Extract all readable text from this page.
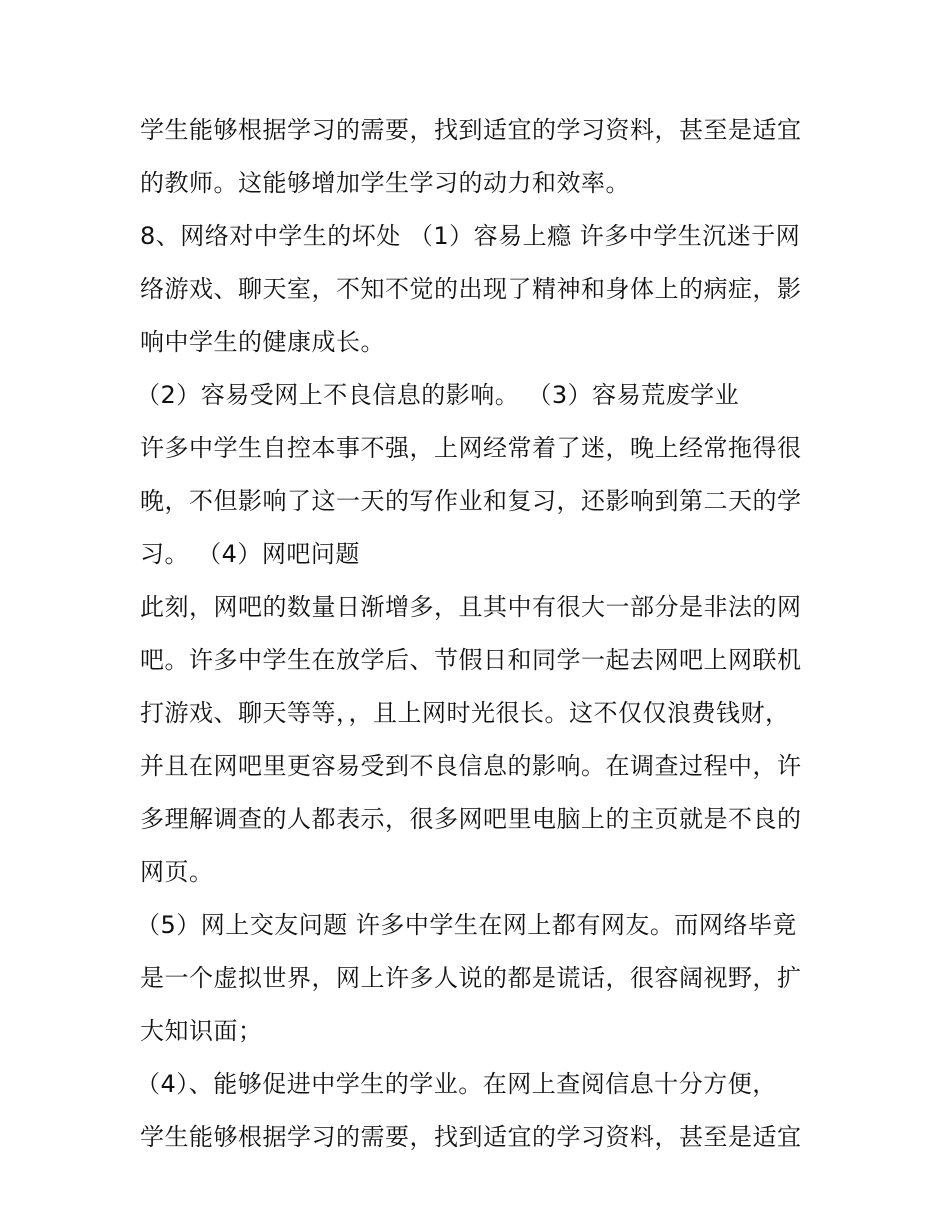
学生能够根据学习的需要，找到适宜的学习资料，甚至是适宜
的教师。这能够增加学生学习的动力和效率。
8、网络对中学生的坏处 （1）容易上瘾 许多中学生沉迷于网
络游戏、聊天室，不知不觉的出现了精神和身体上的病症，影
响中学生的健康成长。
（2）容易受网上不良信息的影响。 （3）容易荒废学业
许多中学生自控本事不强，上网经常着了迷，晚上经常拖得很
晚，不但影响了这一天的写作业和复习，还影响到第二天的学
习。 （4）网吧问题
此刻，网吧的数量日渐增多，且其中有很大一部分是非法的网
吧。许多中学生在放学后、节假日和同学一起去网吧上网联机
打游戏、聊天等等，，且上网时光很长。这不仅仅浪费钱财，
并且在网吧里更容易受到不良信息的影响。在调查过程中，许
多理解调查的人都表示，很多网吧里电脑上的主页就是不良的
网页。
（5）网上交友问题 许多中学生在网上都有网友。而网络毕竟
是一个虚拟世界，网上许多人说的都是谎话，很容阔视野，扩
大知识面；
（4）、能够促进中学生的学业。在网上查阅信息十分方便，
学生能够根据学习的需要，找到适宜的学习资料，甚至是适宜
